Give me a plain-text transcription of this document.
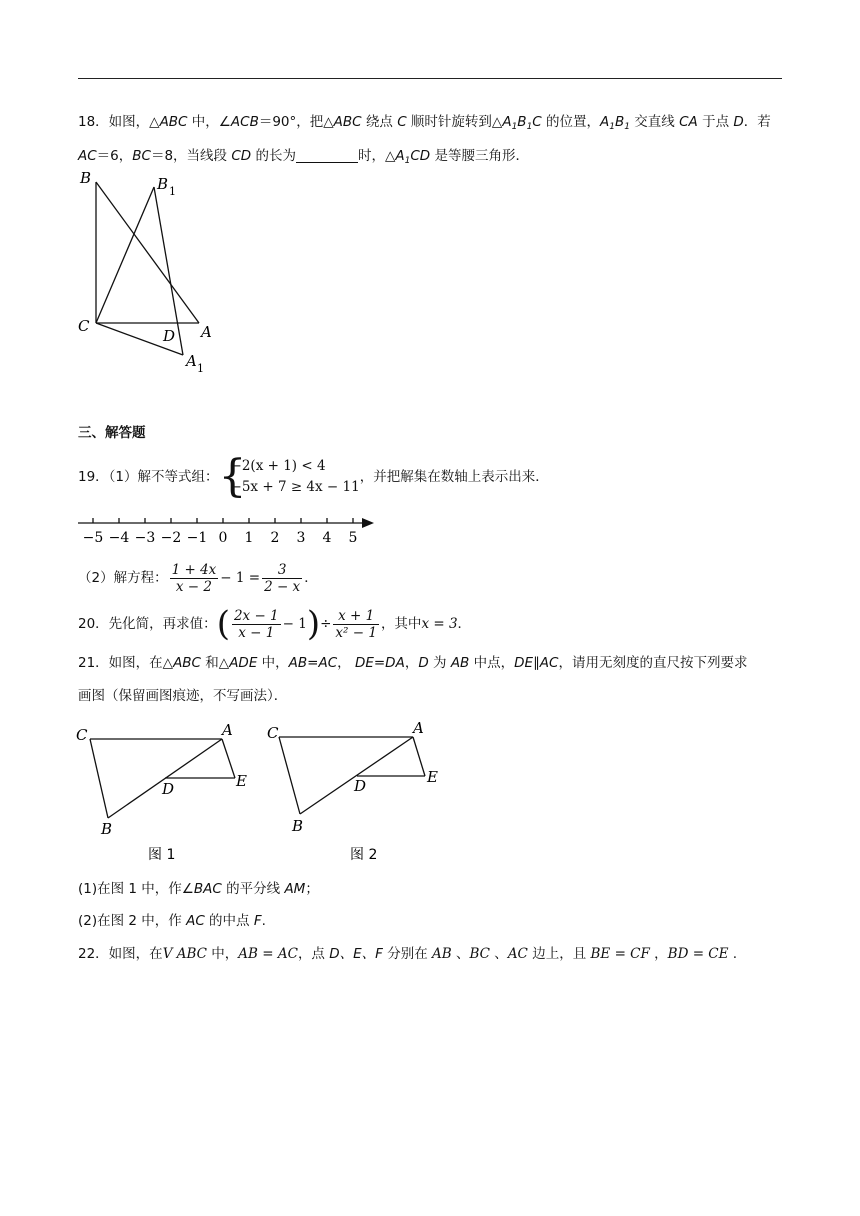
18．如图，△ABC 中，∠ACB＝90°，把△ABC 绕点 C 顺时针旋转到$\triangle A_1B_1C$ 的位置，$A_1B_1$ 交直线 CA 于点 D．若
AC＝6，BC＝8，当线段 CD 的长为	时，$\triangle A_1CD$ 是等腰三角形．
B	B 1
C
D A
A 1
三、解答题
19．（1）解不等式组： {
−2(x + 1) < 4
−5x + 7 ≥ 4x − 11
，并把解集在数轴上表示出来．
−5 −4 −3 −2 −1 0 1 2 3 4 5
（2）解方程： $\frac{1 + 4x}{x - 2} - 1 = \frac{3}{2 - x}$ ．
20．先化简，再求值：( $\frac{2x - 1}{x - 1} - 1)\div \frac{x + 1}{\text{x² − 1}}$ ，其中x = 3．
21．如图，在△ABC 和△ADE 中，AB=AC， DE=DA，D 为 AB 中点，DE∥AC，请用无刻度的直尺按下列要求
画图（保留画图痕迹，不写画法）．
C	A
D	E
B
C	A
D	E
B
图 1	图 2
(1)在图 1 中，作∠BAC 的平分线 AM；
(2)在图 2 中，作 AC 的中点 F.
22．如图，在V ABC 中，AB = AC，点 D、E、F 分别在 AB 、BC 、AC 边上，且 BE = CF ，BD = CE .
